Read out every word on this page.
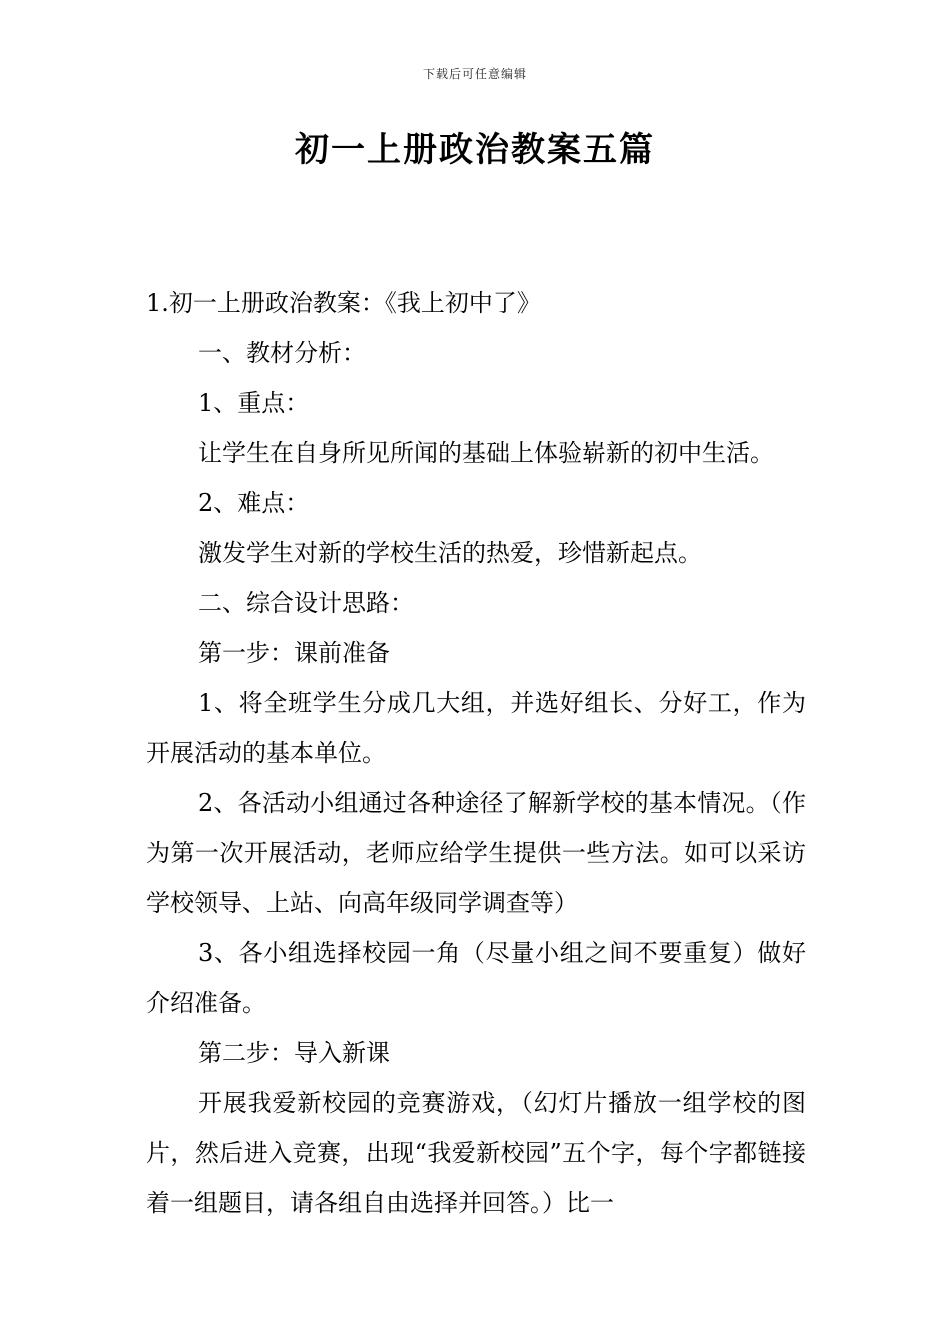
下载后可任意编辑
初一上册政治教案五篇

1.初一上册政治教案：《我上初中了》

一、教材分析：

1、重点：

让学生在自身所见所闻的基础上体验崭新的初中生活。

2、难点：

激发学生对新的学校生活的热爱，珍惜新起点。

二、综合设计思路：

第一步：课前准备

1、将全班学生分成几大组，并选好组长、分好工，作为开展活动的基本单位。

2、各活动小组通过各种途径了解新学校的基本情况。（作为第一次开展活动，老师应给学生提供一些方法。如可以采访学校领导、上站、向高年级同学调查等）

3、各小组选择校园一角（尽量小组之间不要重复）做好介绍准备。

第二步：导入新课

开展我爱新校园的竞赛游戏，（幻灯片播放一组学校的图片，然后进入竞赛，出现“我爱新校园”五个字，每个字都链接着一组题目，请各组自由选择并回答。）比一
